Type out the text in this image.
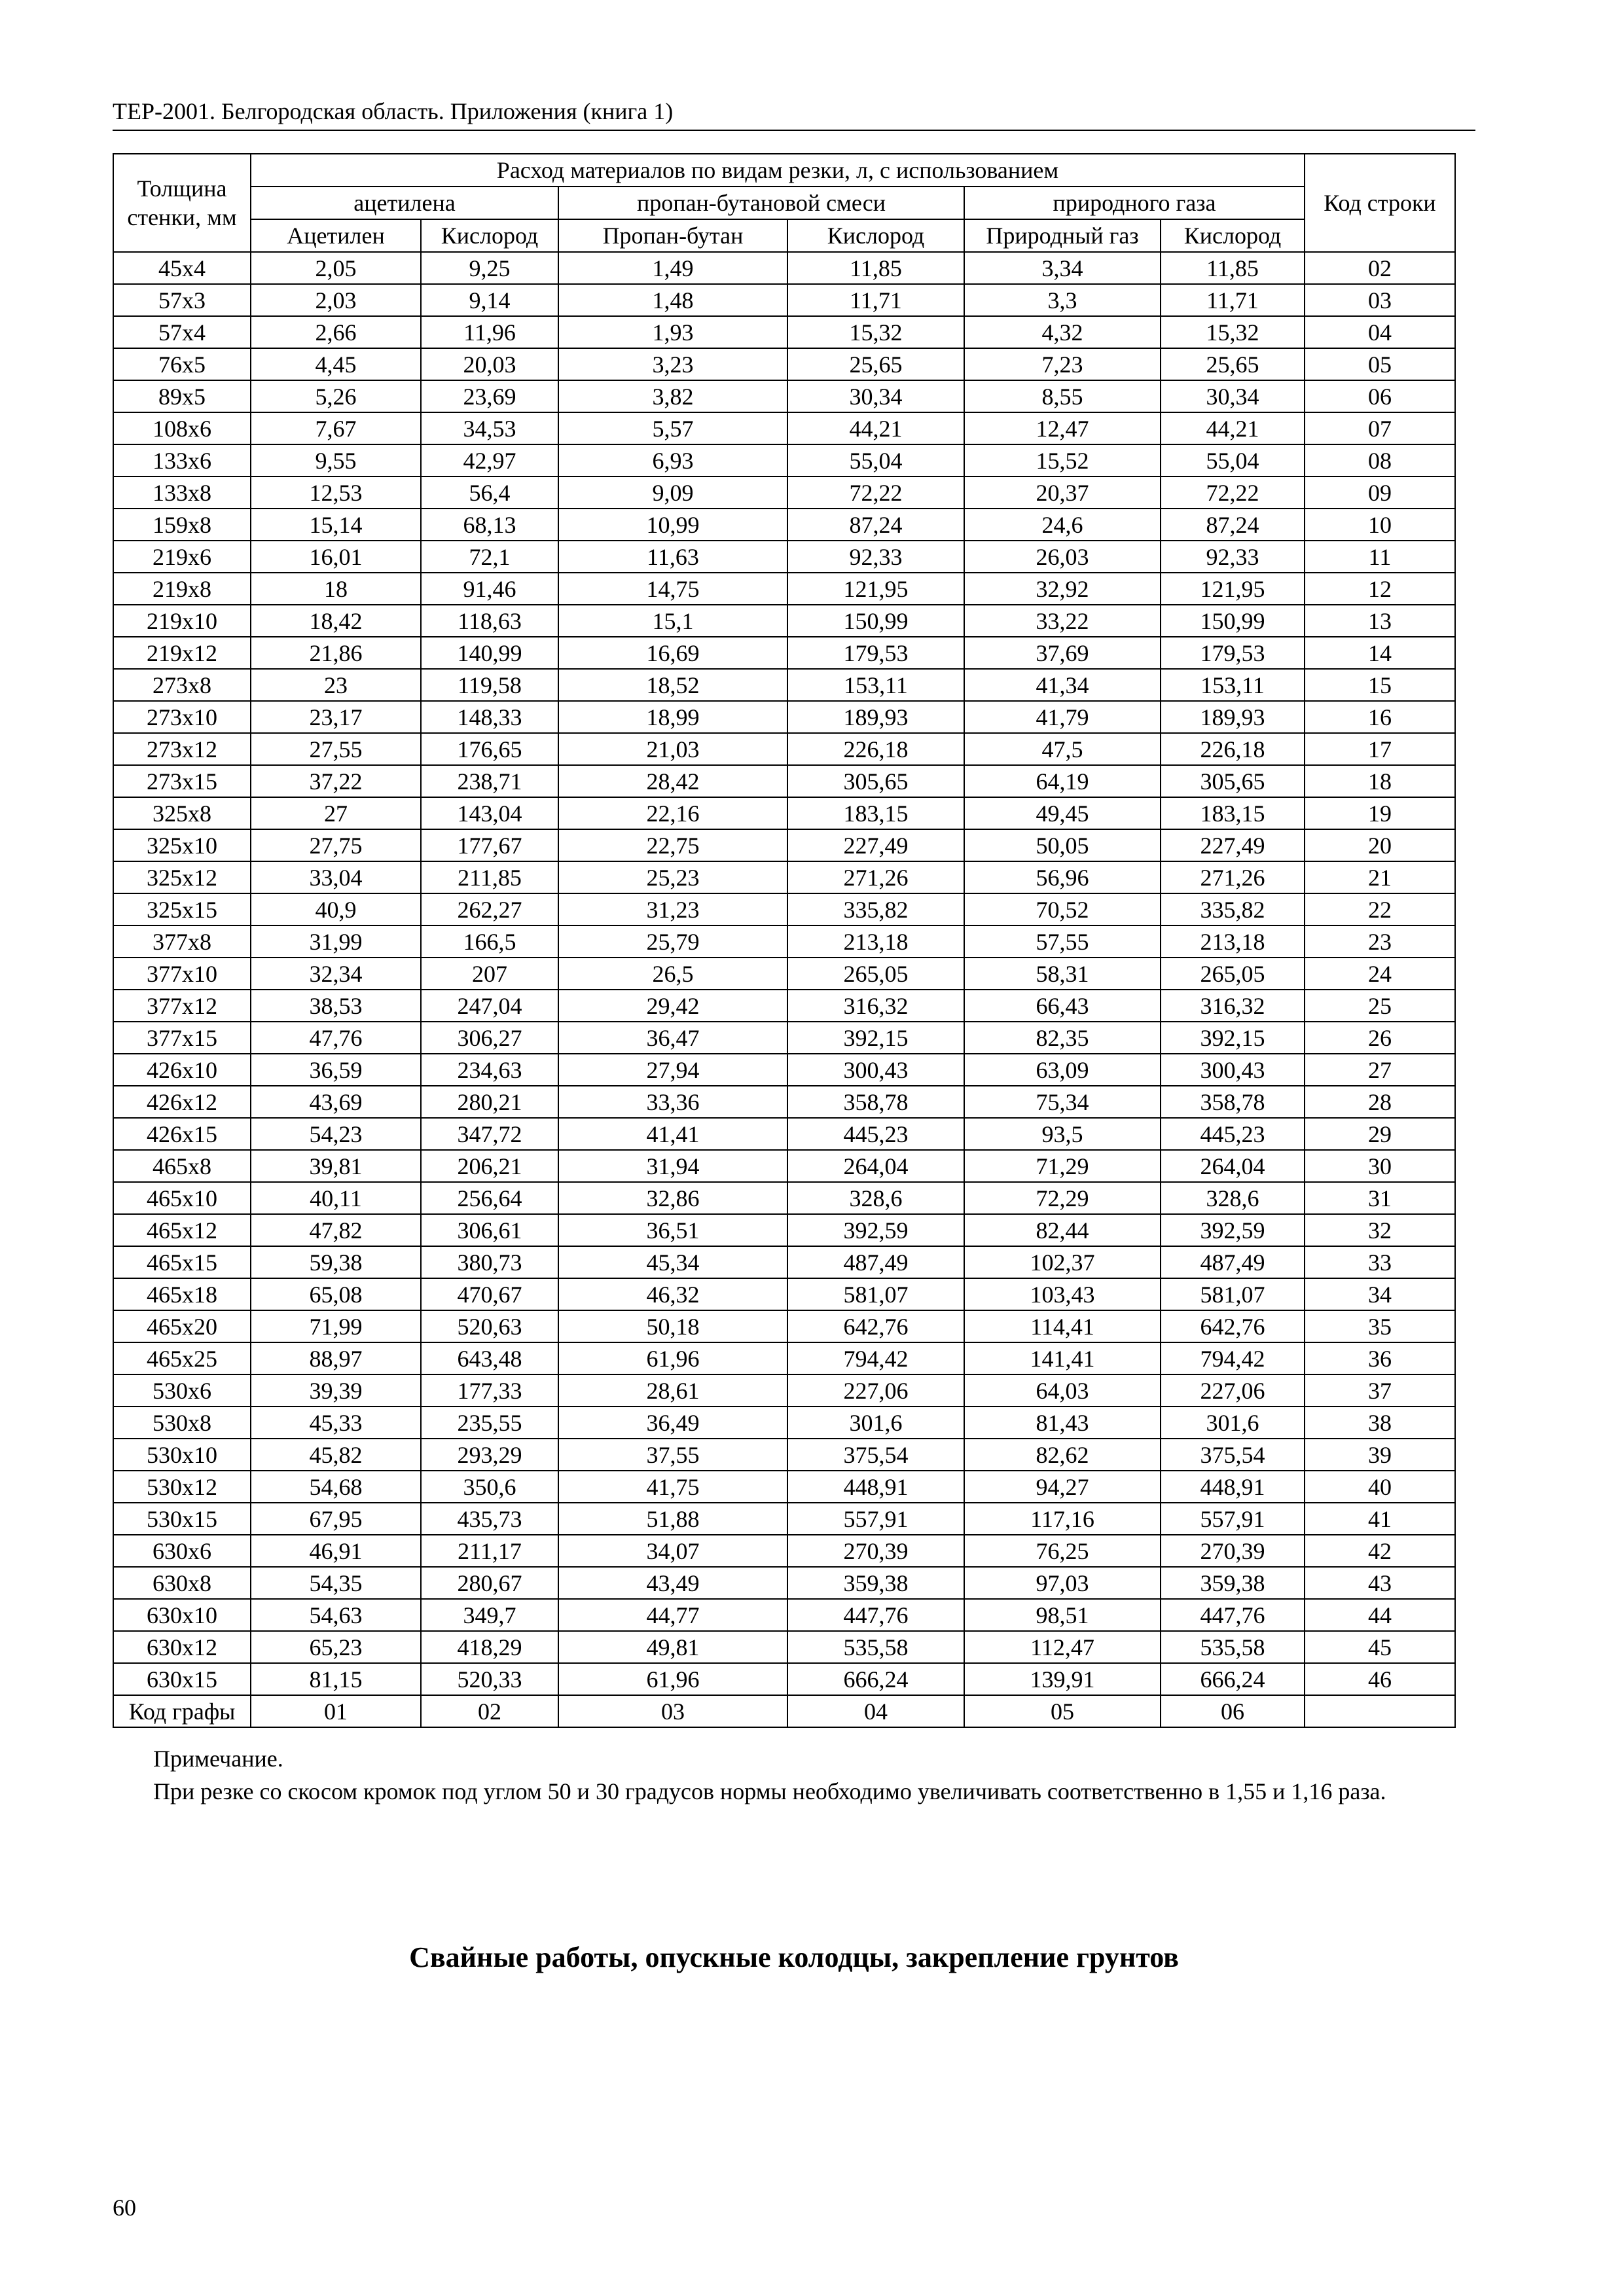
ТЕР-2001. Белгородская область. Приложения (книга 1)
Толщина стенки, мм	Расход материалов по видам резки, л, с использованием						Код строки
	ацетилена		пропан-бутановой смеси		природного газа		
	Ацетилен	Кислород	Пропан-бутан	Кислород	Природный газ	Кислород	
45x4	2,05	9,25	1,49	11,85	3,34	11,85	02
57x3	2,03	9,14	1,48	11,71	3,3	11,71	03
57x4	2,66	11,96	1,93	15,32	4,32	15,32	04
76x5	4,45	20,03	3,23	25,65	7,23	25,65	05
89x5	5,26	23,69	3,82	30,34	8,55	30,34	06
108x6	7,67	34,53	5,57	44,21	12,47	44,21	07
133x6	9,55	42,97	6,93	55,04	15,52	55,04	08
133x8	12,53	56,4	9,09	72,22	20,37	72,22	09
159x8	15,14	68,13	10,99	87,24	24,6	87,24	10
219x6	16,01	72,1	11,63	92,33	26,03	92,33	11
219x8	18	91,46	14,75	121,95	32,92	121,95	12
219x10	18,42	118,63	15,1	150,99	33,22	150,99	13
219x12	21,86	140,99	16,69	179,53	37,69	179,53	14
273x8	23	119,58	18,52	153,11	41,34	153,11	15
273x10	23,17	148,33	18,99	189,93	41,79	189,93	16
273x12	27,55	176,65	21,03	226,18	47,5	226,18	17
273x15	37,22	238,71	28,42	305,65	64,19	305,65	18
325x8	27	143,04	22,16	183,15	49,45	183,15	19
325x10	27,75	177,67	22,75	227,49	50,05	227,49	20
325x12	33,04	211,85	25,23	271,26	56,96	271,26	21
325x15	40,9	262,27	31,23	335,82	70,52	335,82	22
377x8	31,99	166,5	25,79	213,18	57,55	213,18	23
377x10	32,34	207	26,5	265,05	58,31	265,05	24
377x12	38,53	247,04	29,42	316,32	66,43	316,32	25
377x15	47,76	306,27	36,47	392,15	82,35	392,15	26
426x10	36,59	234,63	27,94	300,43	63,09	300,43	27
426x12	43,69	280,21	33,36	358,78	75,34	358,78	28
426x15	54,23	347,72	41,41	445,23	93,5	445,23	29
465x8	39,81	206,21	31,94	264,04	71,29	264,04	30
465x10	40,11	256,64	32,86	328,6	72,29	328,6	31
465x12	47,82	306,61	36,51	392,59	82,44	392,59	32
465x15	59,38	380,73	45,34	487,49	102,37	487,49	33
465x18	65,08	470,67	46,32	581,07	103,43	581,07	34
465x20	71,99	520,63	50,18	642,76	114,41	642,76	35
465x25	88,97	643,48	61,96	794,42	141,41	794,42	36
530x6	39,39	177,33	28,61	227,06	64,03	227,06	37
530x8	45,33	235,55	36,49	301,6	81,43	301,6	38
530x10	45,82	293,29	37,55	375,54	82,62	375,54	39
530x12	54,68	350,6	41,75	448,91	94,27	448,91	40
530x15	67,95	435,73	51,88	557,91	117,16	557,91	41
630x6	46,91	211,17	34,07	270,39	76,25	270,39	42
630x8	54,35	280,67	43,49	359,38	97,03	359,38	43
630x10	54,63	349,7	44,77	447,76	98,51	447,76	44
630x12	65,23	418,29	49,81	535,58	112,47	535,58	45
630x15	81,15	520,33	61,96	666,24	139,91	666,24	46
Код графы	01	02	03	04	05	06	

Примечание.

При резке со скосом кромок под углом 50 и 30 градусов нормы необходимо увеличивать соответственно в 1,55 и 1,16 раза.

Свайные работы, опускные колодцы, закрепление грунтов
60
